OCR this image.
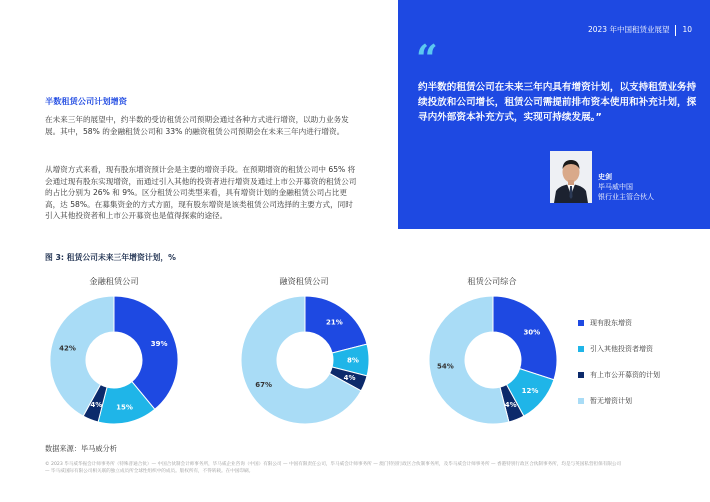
2023 年中国租赁业展望 10
“
约半数的租赁公司在未来三年内具有增资计划，以支持租赁业务持续投放和公司增长，租赁公司需提前排布资本使用和补充计划，探寻内外部资本补充方式，实现可持续发展。”
史剑
毕马威中国
银行业主管合伙人
半数租赁公司计划增资

在未来三年的展望中，约半数的受访租赁公司预期会通过各种方式进行增资，以助力业务发展。其中，58% 的金融租赁公司和 33% 的融资租赁公司预期会在未来三年内进行增资。

从增资方式来看，现有股东增资预计会是主要的增资手段。在预期增资的租赁公司中 65% 将会通过现有股东实现增资，而通过引入其他的投资者进行增资及通过上市公开募资的租赁公司的占比分别为 26% 和 9%。区分租赁公司类型来看，具有增资计划的金融租赁公司占比更高，达 58%。在募集资金的方式方面，现有股东增资是该类租赁公司选择的主要方式，同时引入其他投资者和上市公开募资也是值得探索的途径。

图 3: 租赁公司未来三年增资计划，%
金融租赁公司	融资租赁公司	租赁公司综合
39%
15%
4%
42%
21%
8%
4%
67%
30%
12%
4%
54%
现有股东增资
引入其他投资者增资
有上市公开募资的计划
暂无增资计划
数据来源：毕马威分析
© 2023 毕马威华振会计师事务所（特殊普通合伙）— 中国合伙制会计师事务所，毕马威企业咨询（中国）有限公司 — 中国有限责任公司，毕马威会计师事务所 — 澳门特别行政区合伙制事务所，及毕马威会计师事务所 — 香港特别行政区合伙制事务所，均是与英国私营担保有限公司 — 毕马威国际有限公司相关联的独立成员所全球性组织中的成员。版权所有，不得转载。在中国印刷。
